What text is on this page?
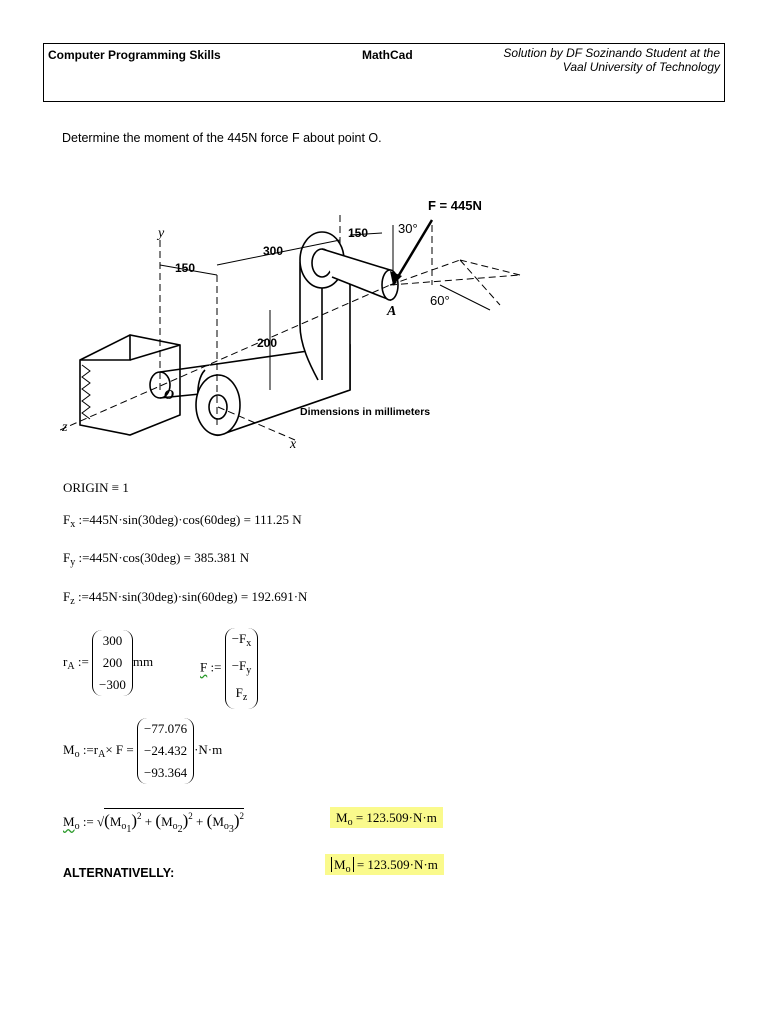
Computer Programming Skills	MathCad	Solution by DF Sozinando Student at the
Vaal University of Technology
Determine the moment of the 445N force F about point O.
y
x
z
O
A
F = 445N
30°
60°
150
300
150
200
Dimensions in millimeters
ORIGIN ≡ 1
$F_x$ :=445N·sin(30deg)·cos(60deg) = 111.25 N
$F_y$ :=445N·cos(30deg) = 385.381 N
$F_z$ :=445N·sin(30deg)·sin(60deg) = 192.691·N
$r_A$ :=
300
200
−300
mm	F :=
$-F_x$
$-F_y$
$F_z$
$M_o$ $:=r_A\times F$ =
−77.076
−24.432
−93.364
·N·m
$M_o$ := $√(M_{o_1})^2 + (M_{o_2})^2 + (M_{o_3})^2$	$M_o = 123.509\cdot N\cdot m$
ALTERNATIVELLY:
$M_o = 123.509\cdot N\cdot m$
